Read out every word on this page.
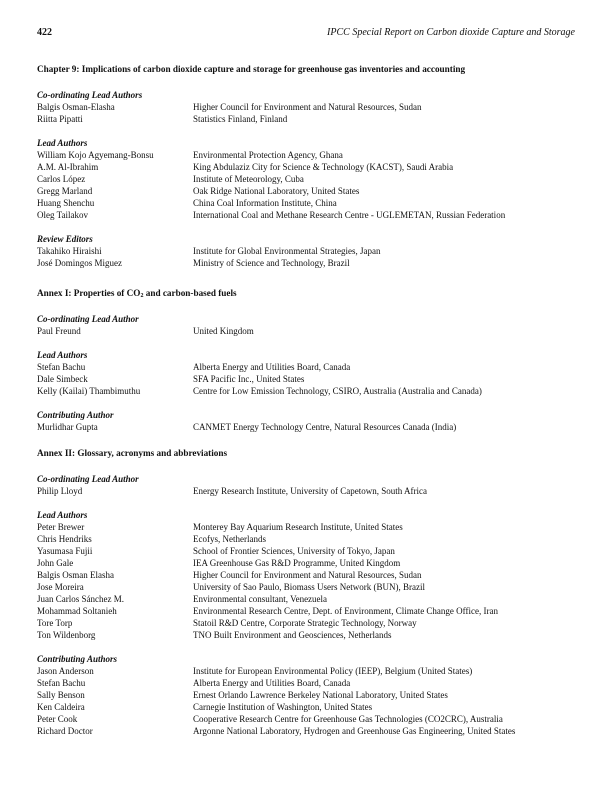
422	IPCC Special Report on Carbon dioxide Capture and Storage
Chapter 9: Implications of carbon dioxide capture and storage for greenhouse gas inventories and accounting
Co-ordinating Lead Authors
Balgis Osman-Elasha	Higher Council for Environment and Natural Resources, Sudan
Riitta Pipatti	Statistics Finland, Finland
Lead Authors
William Kojo Agyemang-Bonsu	Environmental Protection Agency, Ghana
A.M. Al-Ibrahim	King Abdulaziz City for Science & Technology (KACST), Saudi Arabia
Carlos López	Institute of Meteorology, Cuba
Gregg Marland	Oak Ridge National Laboratory, United States
Huang Shenchu	China Coal Information Institute, China
Oleg Tailakov	International Coal and Methane Research Centre - UGLEMETAN, Russian Federation
Review Editors
Takahiko Hiraishi	Institute for Global Environmental Strategies, Japan
José Domingos Miguez	Ministry of Science and Technology, Brazil
Annex I: Properties of $CO_2$ and carbon-based fuels
Co-ordinating Lead Author
Paul Freund	United Kingdom
Lead Authors
Stefan Bachu	Alberta Energy and Utilities Board, Canada
Dale Simbeck	SFA Pacific Inc., United States
Kelly (Kailai) Thambimuthu	Centre for Low Emission Technology, CSIRO, Australia (Australia and Canada)
Contributing Author
Murlidhar Gupta	CANMET Energy Technology Centre, Natural Resources Canada (India)
Annex II: Glossary, acronyms and abbreviations
Co-ordinating Lead Author
Philip Lloyd	Energy Research Institute, University of Capetown, South Africa
Lead Authors
Peter Brewer	Monterey Bay Aquarium Research Institute, United States
Chris Hendriks	Ecofys, Netherlands
Yasumasa Fujii	School of Frontier Sciences, University of Tokyo, Japan
John Gale	IEA Greenhouse Gas R&D Programme, United Kingdom
Balgis Osman Elasha	Higher Council for Environment and Natural Resources, Sudan
Jose Moreira	University of Sao Paulo, Biomass Users Network (BUN), Brazil
Juan Carlos Sánchez M.	Environmental consultant, Venezuela
Mohammad Soltanieh	Environmental Research Centre, Dept. of Environment, Climate Change Office, Iran
Tore Torp	Statoil R&D Centre, Corporate Strategic Technology, Norway
Ton Wildenborg	TNO Built Environment and Geosciences, Netherlands
Contributing Authors
Jason Anderson	Institute for European Environmental Policy (IEEP), Belgium (United States)
Stefan Bachu	Alberta Energy and Utilities Board, Canada
Sally Benson	Ernest Orlando Lawrence Berkeley National Laboratory, United States
Ken Caldeira	Carnegie Institution of Washington, United States
Peter Cook	Cooperative Research Centre for Greenhouse Gas Technologies (CO2CRC), Australia
Richard Doctor	Argonne National Laboratory, Hydrogen and Greenhouse Gas Engineering, United States
